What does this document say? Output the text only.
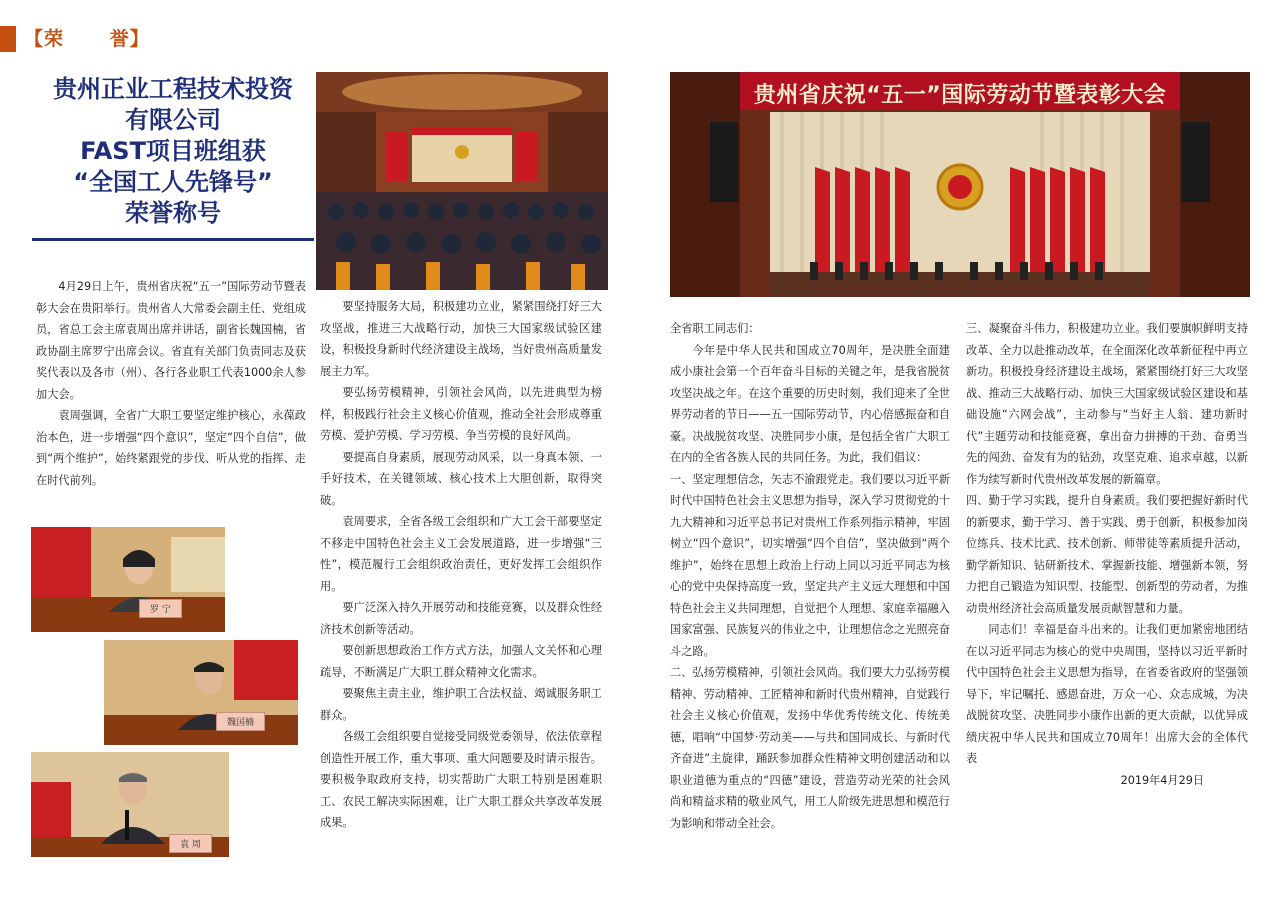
【荣      誉】
贵州正业工程技术投资
有限公司
FAST项目班组获
“全国工人先锋号”
荣誉称号
贵州省庆祝“五一”国际劳动节暨表彰大会
罗 宁
魏国楠
袁 周

4月29日上午，贵州省庆祝“五一”国际劳动节暨表彰大会在贵阳举行。贵州省人大常委会副主任、党组成员，省总工会主席袁周出席并讲话，副省长魏国楠，省政协副主席罗宁出席会议。省直有关部门负责同志及获奖代表以及各市（州）、各行各业职工代表1000余人参加大会。

袁周强调，全省广大职工要坚定维护核心，永葆政治本色，进一步增强“四个意识”，坚定“四个自信”，做到“两个维护”，始终紧跟党的步伐、听从党的指挥、走在时代前列。

要坚持服务大局，积极建功立业，紧紧围绕打好三大攻坚战，推进三大战略行动，加快三大国家级试验区建设，积极投身新时代经济建设主战场，当好贵州高质量发展主力军。

要弘扬劳模精神，引领社会风尚，以先进典型为榜样，积极践行社会主义核心价值观，推动全社会形成尊重劳模、爱护劳模、学习劳模、争当劳模的良好风尚。

要提高自身素质，展现劳动风采，以一身真本领、一手好技术，在关键领域、核心技术上大胆创新，取得突破。

袁周要求，全省各级工会组织和广大工会干部要坚定不移走中国特色社会主义工会发展道路，进一步增强“三性”，模范履行工会组织政治责任，更好发挥工会组织作用。

要广泛深入持久开展劳动和技能竞赛，以及群众性经济技术创新等活动。

要创新思想政治工作方式方法，加强人文关怀和心理疏导，不断满足广大职工群众精神文化需求。

要聚焦主责主业，维护职工合法权益、竭诚服务职工群众。

各级工会组织要自觉接受同级党委领导，依法依章程创造性开展工作，重大事项、重大问题要及时请示报告。要积极争取政府支持，切实帮助广大职工特别是困难职工、农民工解决实际困难，让广大职工群众共享改革发展成果。

全省职工同志们：

今年是中华人民共和国成立70周年，是决胜全面建成小康社会第一个百年奋斗目标的关键之年，是我省脱贫攻坚决战之年。在这个重要的历史时刻，我们迎来了全世界劳动者的节日——五一国际劳动节，内心倍感振奋和自豪。决战脱贫攻坚、决胜同步小康，是包括全省广大职工在内的全省各族人民的共同任务。为此，我们倡议：

一、坚定理想信念，矢志不渝跟党走。我们要以习近平新时代中国特色社会主义思想为指导，深入学习贯彻党的十九大精神和习近平总书记对贵州工作系列指示精神，牢固树立“四个意识”，切实增强“四个自信”，坚决做到“两个维护”，始终在思想上政治上行动上同以习近平同志为核心的党中央保持高度一致，坚定共产主义远大理想和中国特色社会主义共同理想，自觉把个人理想、家庭幸福融入国家富强、民族复兴的伟业之中，让理想信念之光照亮奋斗之路。

二、弘扬劳模精神，引领社会风尚。我们要大力弘扬劳模精神、劳动精神、工匠精神和新时代贵州精神，自觉践行社会主义核心价值观，发扬中华优秀传统文化、传统美德，唱响“中国梦·劳动美——与共和国同成长、与新时代齐奋进”主旋律，踊跃参加群众性精神文明创建活动和以职业道德为重点的“四德”建设，营造劳动光荣的社会风尚和精益求精的敬业风气，用工人阶级先进思想和模范行为影响和带动全社会。

三、凝聚奋斗伟力，积极建功立业。我们要旗帜鲜明支持改革、全力以赴推动改革，在全面深化改革新征程中再立新功。积极投身经济建设主战场，紧紧围绕打好三大攻坚战、推动三大战略行动、加快三大国家级试验区建设和基础设施“六网会战”，主动参与“当好主人翁、建功新时代”主题劳动和技能竞赛，拿出奋力拼搏的干劲、奋勇当先的闯劲、奋发有为的钻劲，攻坚克难、追求卓越，以新作为续写新时代贵州改革发展的新篇章。

四、勤于学习实践，提升自身素质。我们要把握好新时代的新要求，勤于学习、善于实践、勇于创新，积极参加岗位练兵、技术比武、技术创新、师带徒等素质提升活动，勤学新知识、钻研新技术、掌握新技能、增强新本领，努力把自己锻造为知识型、技能型、创新型的劳动者，为推动贵州经济社会高质量发展贡献智慧和力量。

同志们！幸福是奋斗出来的。让我们更加紧密地团结在以习近平同志为核心的党中央周围，坚持以习近平新时代中国特色社会主义思想为指导，在省委省政府的坚强领导下，牢记嘱托、感恩奋进，万众一心、众志成城，为决战脱贫攻坚、决胜同步小康作出新的更大贡献，以优异成绩庆祝中华人民共和国成立70周年！出席大会的全体代表

2019年4月29日
